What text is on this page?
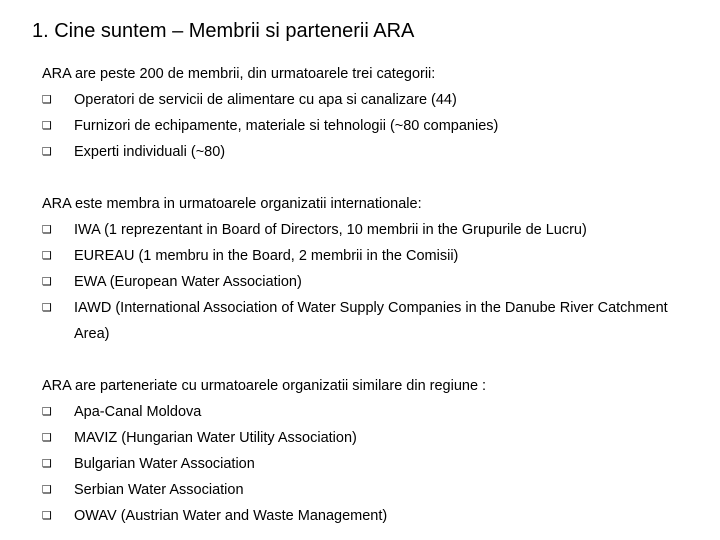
1. Cine suntem – Membrii si partenerii ARA
ARA are peste 200 de membrii, din urmatoarele trei categorii:
❑	Operatori de servicii de alimentare cu apa si canalizare (44)
❑	Furnizori de echipamente, materiale si tehnologii (~80 companies)
❑	Experti individuali (~80)
ARA este membra in urmatoarele organizatii internationale:
❑	IWA (1 reprezentant in Board of Directors, 10 membrii in the Grupurile de Lucru)
❑	EUREAU (1 membru in the Board, 2 membrii in the Comisii)
❑	EWA (European Water Association)
❑	IAWD (International Association of Water Supply Companies in the Danube River Catchment Area)
ARA are parteneriate cu urmatoarele organizatii similare din regiune :
❑	Apa-Canal Moldova
❑	MAVIZ (Hungarian Water Utility Association)
❑	Bulgarian Water Association
❑	Serbian Water Association
❑	OWAV (Austrian Water and Waste Management)
